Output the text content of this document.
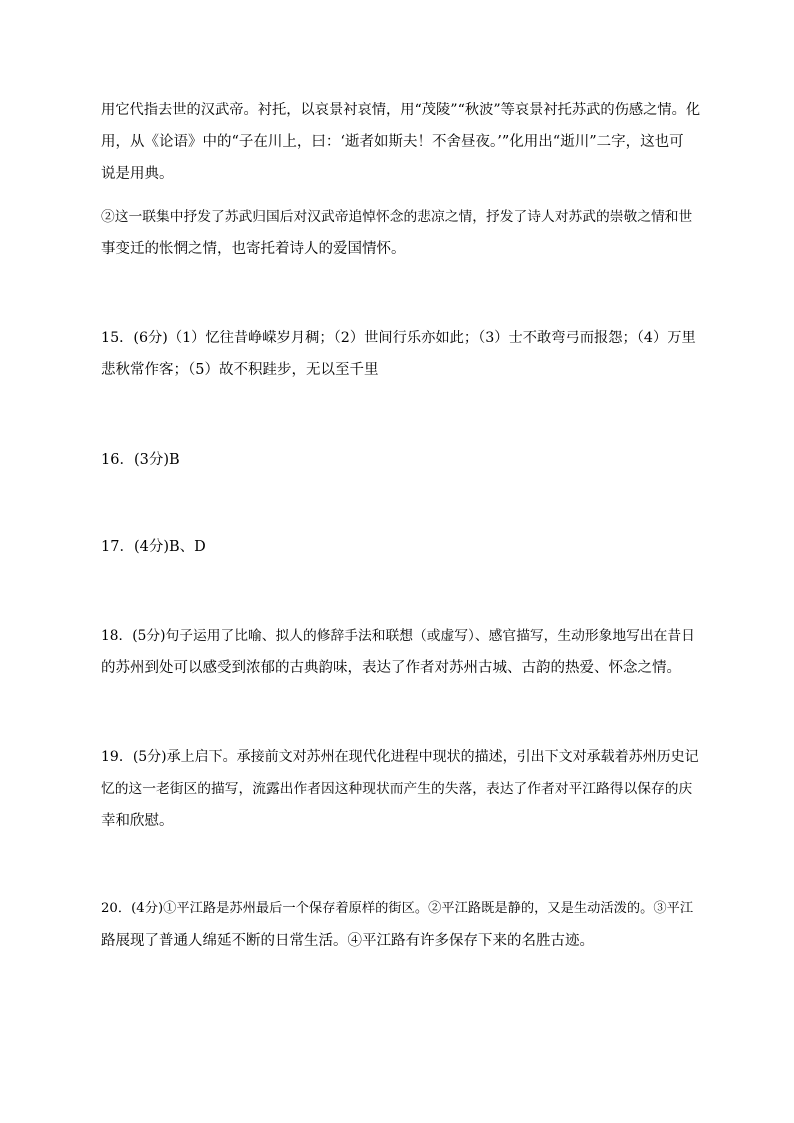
用它代指去世的汉武帝。衬托，以哀景衬哀情，用“茂陵”“秋波”等哀景衬托苏武的伤感之情。化
用，从《论语》中的“子在川上，曰：‘逝者如斯夫！不舍昼夜。’”化用出“逝川”二字，这也可
说是用典。
②这一联集中抒发了苏武归国后对汉武帝追悼怀念的悲凉之情，抒发了诗人对苏武的崇敬之情和世
事变迁的怅惘之情，也寄托着诗人的爱国情怀。
15．(6分)（1）忆往昔峥嵘岁月稠；（2）世间行乐亦如此；（3）士不敢弯弓而报怨；（4）万里
悲秋常作客；（5）故不积跬步，无以至千里
16．(3分)B
17．(4分)B、D
18．(5分)句子运用了比喻、拟人的修辞手法和联想（或虚写）、感官描写，生动形象地写出在昔日
的苏州到处可以感受到浓郁的古典韵味，表达了作者对苏州古城、古韵的热爱、怀念之情。
19．(5分)承上启下。承接前文对苏州在现代化进程中现状的描述，引出下文对承载着苏州历史记
忆的这一老街区的描写，流露出作者因这种现状而产生的失落，表达了作者对平江路得以保存的庆
幸和欣慰。
20．(4分)①平江路是苏州最后一个保存着原样的街区。②平江路既是静的，又是生动活泼的。③平江
路展现了普通人绵延不断的日常生活。④平江路有许多保存下来的名胜古迹。
